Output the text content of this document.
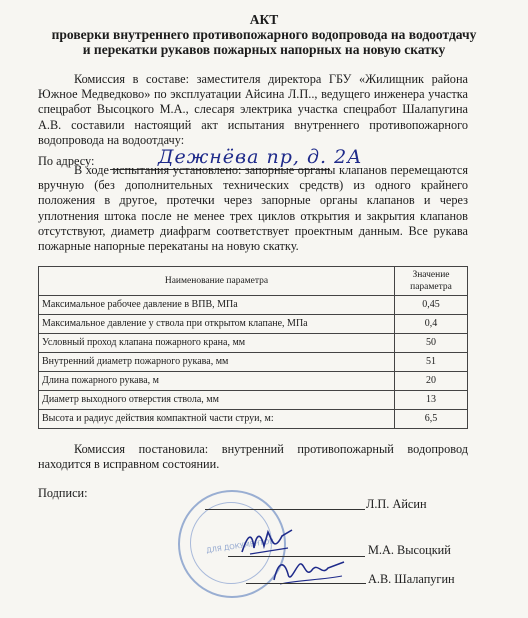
АКТ
проверки внутреннего противопожарного водопровода на водоотдачу
и перекатки рукавов пожарных напорных на новую скатку
Комиссия в составе: заместителя директора ГБУ «Жилищник района
Южное Медведково» по эксплуатации Айсина Л.П.., ведущего инженера участка
спецработ Высоцкого М.А., слесаря электрика участка спецработ Шалапугина
А.В. составили настоящий акт испытания внутреннего противопожарного
водопровода на водоотдачу:
По адресу:	Дежнёва пр, д. 2А
В ходе испытания установлено: запорные органы клапанов перемещаются
вручную (без дополнительных технических средств) из одного крайнего
положения в другое, протечки через запорные органы клапанов и через
уплотнения штока после не менее трех циклов открытия и закрытия клапанов
отсутствуют, диаметр диафрагм соответствует проектным данным. Все рукава
пожарные напорные перекатаны на новую скатку.
Наименование параметра	Значение параметра
Максимальное рабочее давление в ВПВ, МПа	0,45
Максимальное давление у ствола при открытом клапане, МПа	0,4
Условный проход клапана пожарного крана, мм	50
Внутренний диаметр пожарного рукава, мм	51
Длина пожарного рукава, м	20
Диаметр выходного отверстия ствола, мм	13
Высота и радиус действия компактной части струи, м:	6,5
Комиссия постановила: внутренний противопожарный водопровод
находится в исправном состоянии.
Подписи:
ДЛЯ ДОКУМЕНТОВ
Л.П. Айсин
М.А. Высоцкий
А.В. Шалапугин
